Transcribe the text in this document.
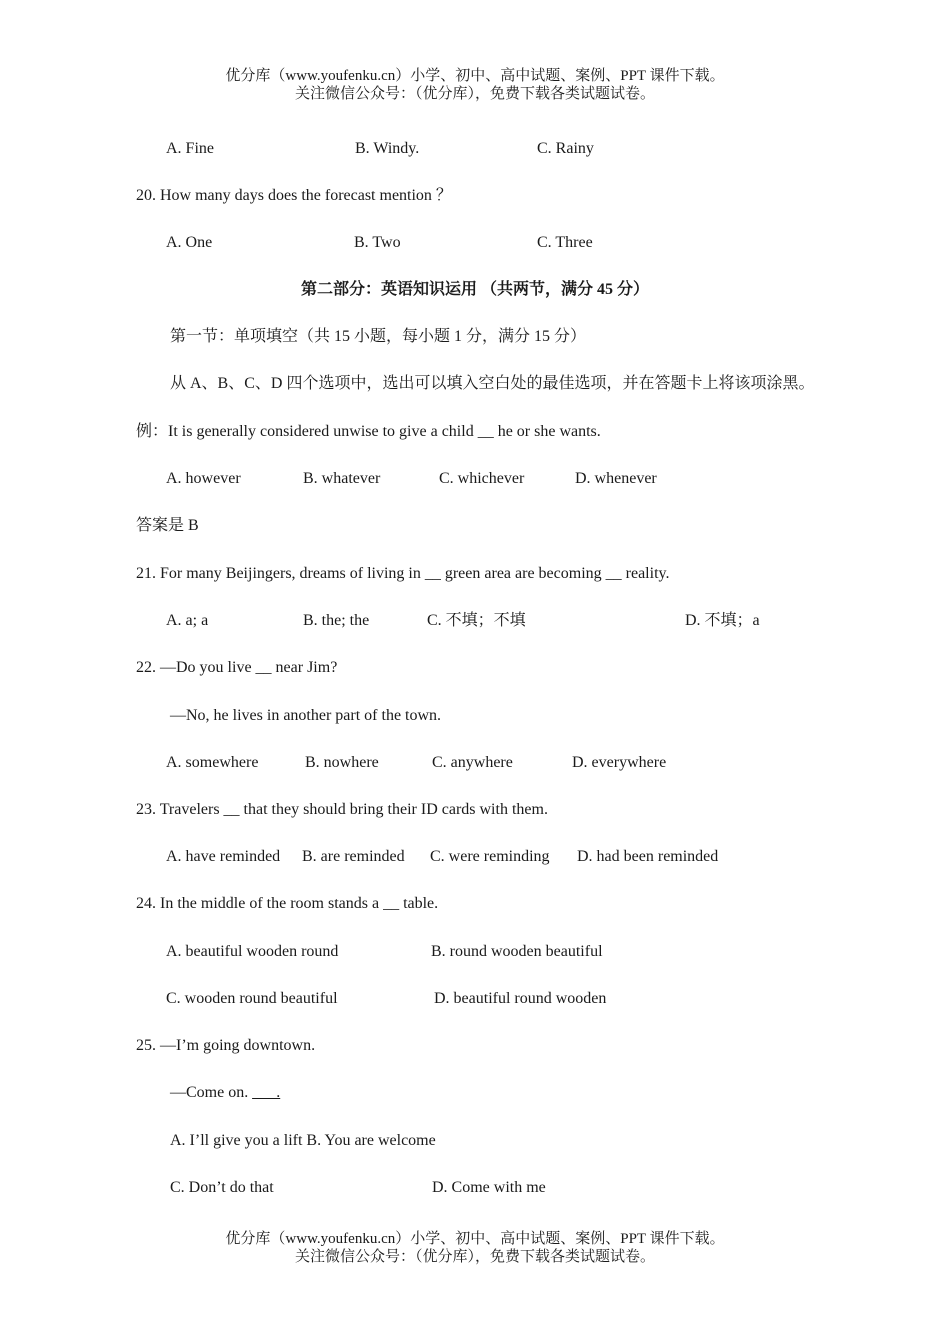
优分库（www.youfenku.cn）小学、初中、高中试题、案例、PPT 课件下载。
关注微信公众号：（优分库），免费下载各类试题试卷。
A. Fine	B. Windy.	C. Rainy
20. How many days does the forecast mention ？
A. One	B. Two	C. Three
第二部分：英语知识运用 （共两节，满分 45 分）
第一节：单项填空（共 15 小题，每小题 1 分，满分 15 分）
从 A、B、C、D 四个选项中，选出可以填入空白处的最佳选项，并在答题卡上将该项涂黑。
例：It is generally considered unwise to give a child __ he or she wants.
A. however	B. whatever	C. whichever	D. whenever
答案是 B
21. For many Beijingers, dreams of living in __ green area are becoming __ reality.
A. a; a	B. the; the	C. 不填；不填	D. 不填；a
22. —Do you live __ near Jim?
—No, he lives in another part of the town.
A. somewhere	B. nowhere	C. anywhere	D. everywhere
23. Travelers __ that they should bring their ID cards with them.
A. have reminded B. are reminded C. were reminding D. had been reminded
24. In the middle of the room stands a __ table.
A. beautiful wooden round	B. round wooden beautiful
C. wooden round beautiful	D. beautiful round wooden
25. —I’m going downtown.
—Come on. ___.
A. I’ll give you a lift B. You are welcome
C. Don’t do that	D. Come with me
优分库（www.youfenku.cn）小学、初中、高中试题、案例、PPT 课件下载。
关注微信公众号：（优分库），免费下载各类试题试卷。
